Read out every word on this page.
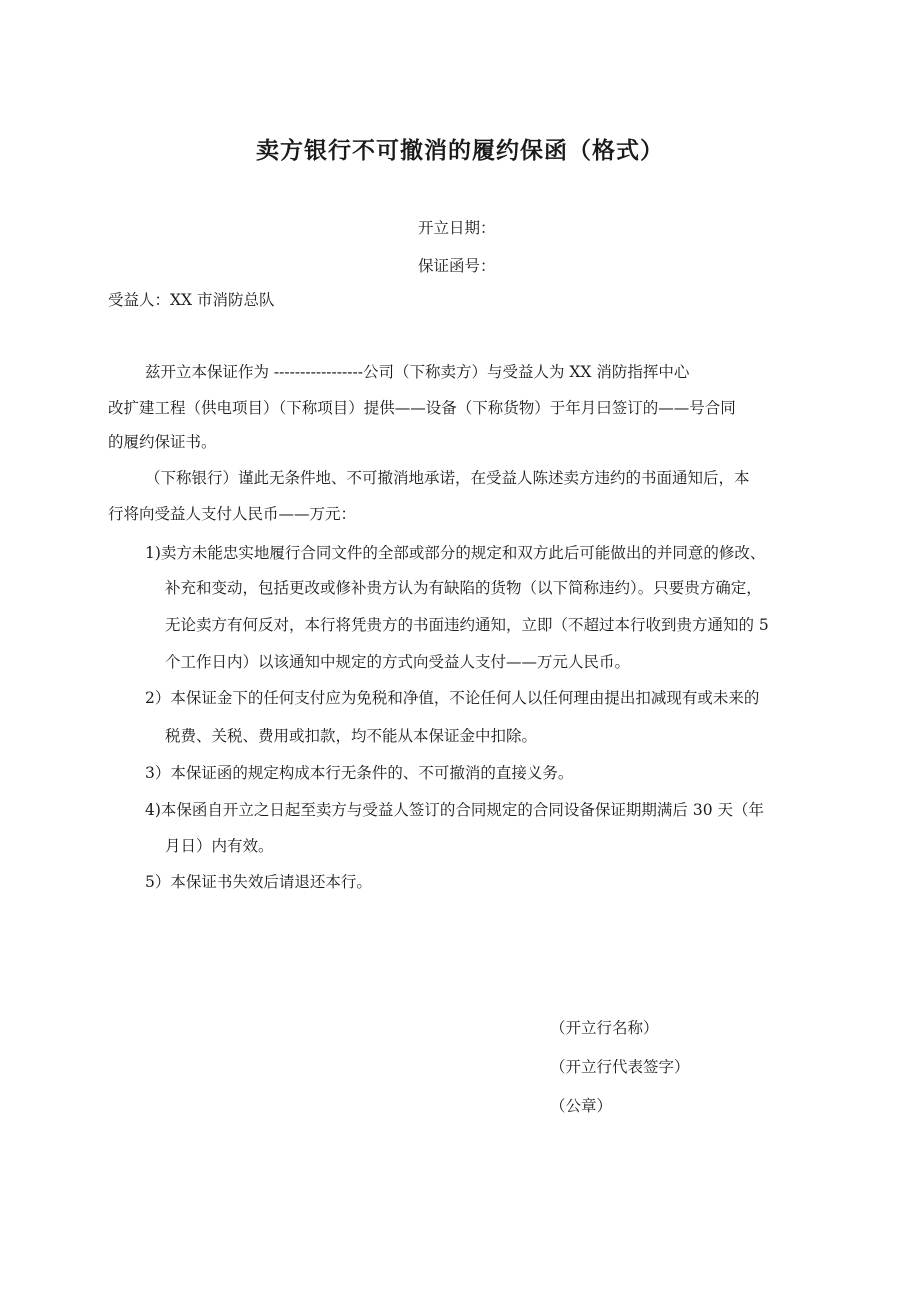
卖方银行不可撤消的履约保函（格式）
开立日期：
保证函号：
受益人：XX 市消防总队
兹开立本保证作为 -----------------公司（下称卖方）与受益人为 XX 消防指挥中心
改扩建工程（供电项目）（下称项目）提供——设备（下称货物）于年月曰签订的——号合同
的履约保证书。
（下称银行）谨此无条件地、不可撤消地承诺，在受益人陈述卖方违约的书面通知后，本
行将向受益人支付人民币——万元：
1)卖方未能忠实地履行合同文件的全部或部分的规定和双方此后可能做出的并同意的修改、
补充和变动，包括更改或修补贵方认为有缺陷的货物（以下简称违约）。只要贵方确定，
无论卖方有何反对，本行将凭贵方的书面违约通知，立即（不超过本行收到贵方通知的 5
个工作日内）以该通知中规定的方式向受益人支付——万元人民币。
2）本保证金下的任何支付应为免税和净值，不论任何人以任何理由提出扣减现有或未来的
税费、关税、费用或扣款，均不能从本保证金中扣除。
3）本保证函的规定构成本行无条件的、不可撤消的直接义务。
4)本保函自开立之日起至卖方与受益人签订的合同规定的合同设备保证期期满后 30 天（年
月日）内有效。
5）本保证书失效后请退还本行。
（开立行名称）
（开立行代表签字）
（公章）
